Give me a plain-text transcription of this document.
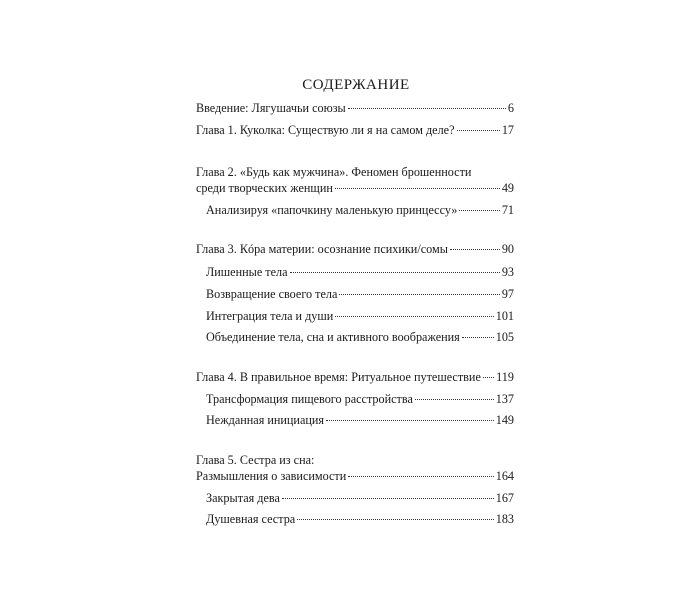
СОДЕРЖАНИЕ
Введение: Лягушачьи союзы	6
Глава 1. Куколка: Существую ли я на самом деле?	17
Глава 2. «Будь как мужчина». Феномен брошенности
среди творческих женщин	49
Анализируя «папочкину маленькую принцессу»	71
Глава 3. Кóра материи: осознание психики/сомы	90
Лишенные тела	93
Возвращение своего тела	97
Интеграция тела и души	101
Объединение тела, сна и активного воображения	105
Глава 4. В правильное время: Ритуальное путешествие 119
Трансформация пищевого расстройства	137
Нежданная инициация	149
Глава 5. Сестра из сна:
Размышления о зависимости	164
Закрытая дева	167
Душевная сестра	183
